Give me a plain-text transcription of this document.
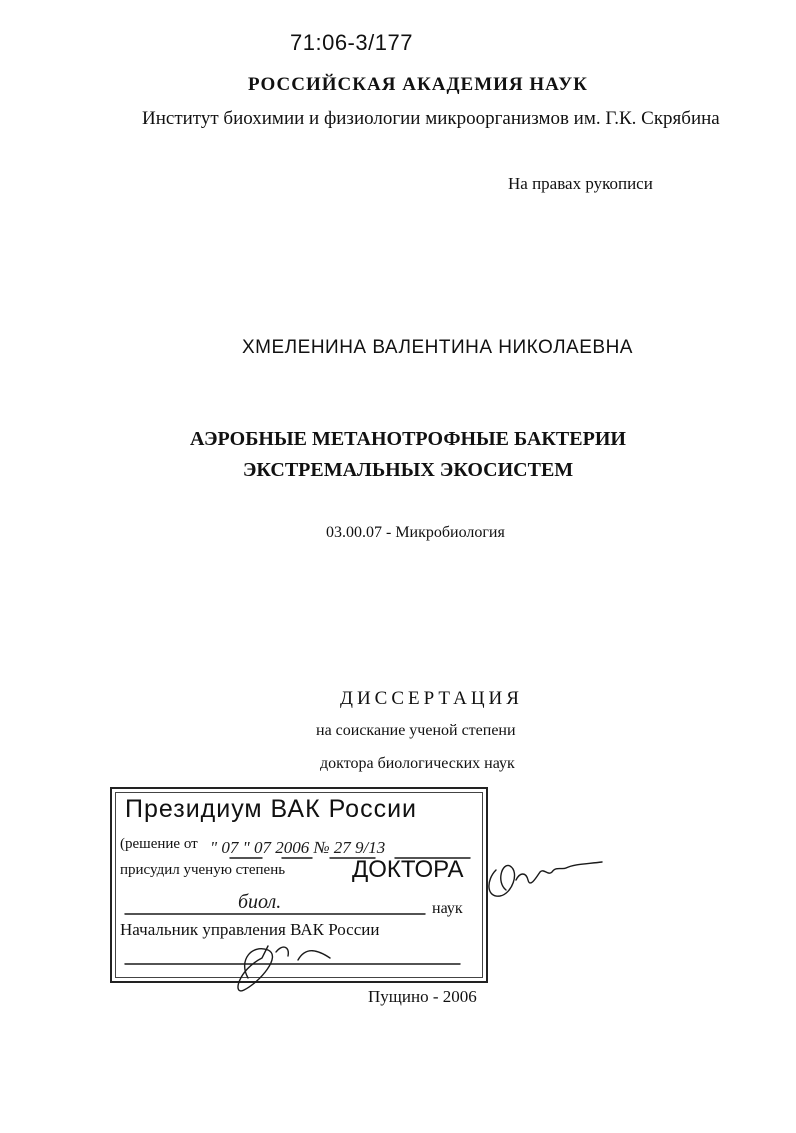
71:06-3/177
РОССИЙСКАЯ АКАДЕМИЯ НАУК
Институт биохимии и физиологии микроорганизмов им. Г.К. Скрябина
На правах рукописи
ХМЕЛЕНИНА ВАЛЕНТИНА НИКОЛАЕВНА
АЭРОБНЫЕ МЕТАНОТРОФНЫЕ БАКТЕРИИ
ЭКСТРЕМАЛЬНЫХ ЭКОСИСТЕМ
03.00.07 - Микробиология
ДИССЕРТАЦИЯ
на соискание ученой степени
доктора биологических наук
Президиум ВАК России
(решение от
присудил ученую степень	ДОКТОРА
наук
Начальник управления ВАК России
" 07 " 07 2006 № 27 9/13
биол.
Пущино - 2006
